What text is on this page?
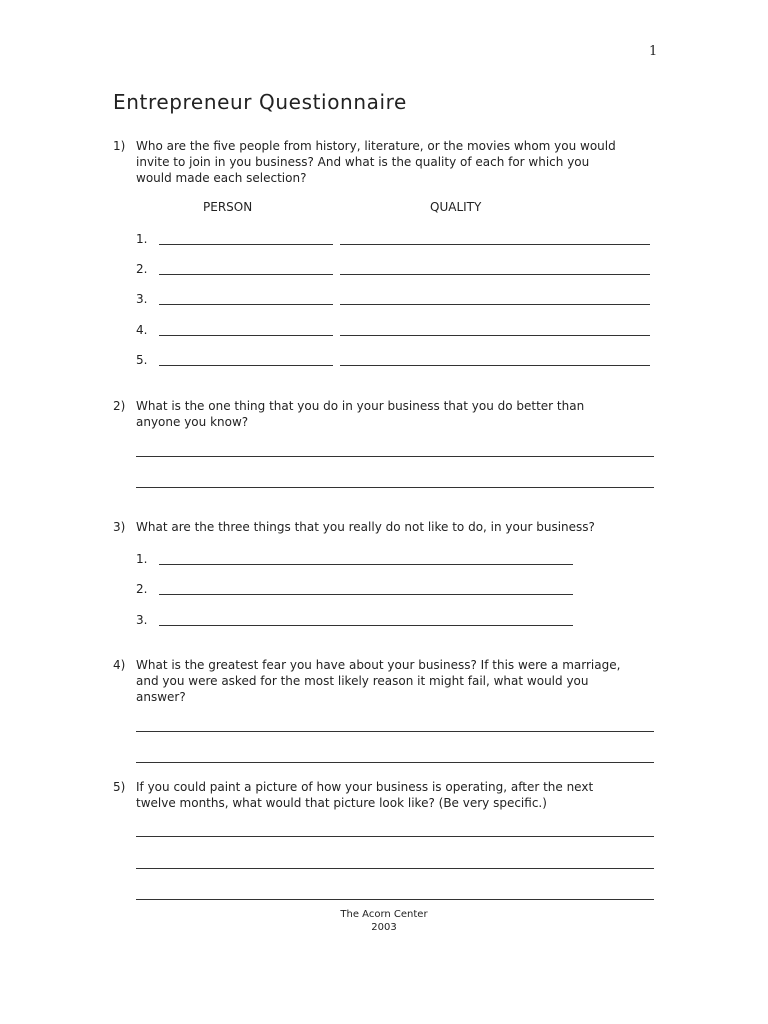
1
Entrepreneur Questionnaire
1) Who are the five people from history, literature, or the movies whom you would
invite to join in you business? And what is the quality of each for which you
would made each selection?
PERSON	QUALITY
1.
2.
3.
4.
5.
2) What is the one thing that you do in your business that you do better than
anyone you know?
3) What are the three things that you really do not like to do, in your business?
1.
2.
3.
4) What is the greatest fear you have about your business? If this were a marriage,
and you were asked for the most likely reason it might fail, what would you
answer?
5) If you could paint a picture of how your business is operating, after the next
twelve months, what would that picture look like? (Be very specific.)
The Acorn Center
2003
